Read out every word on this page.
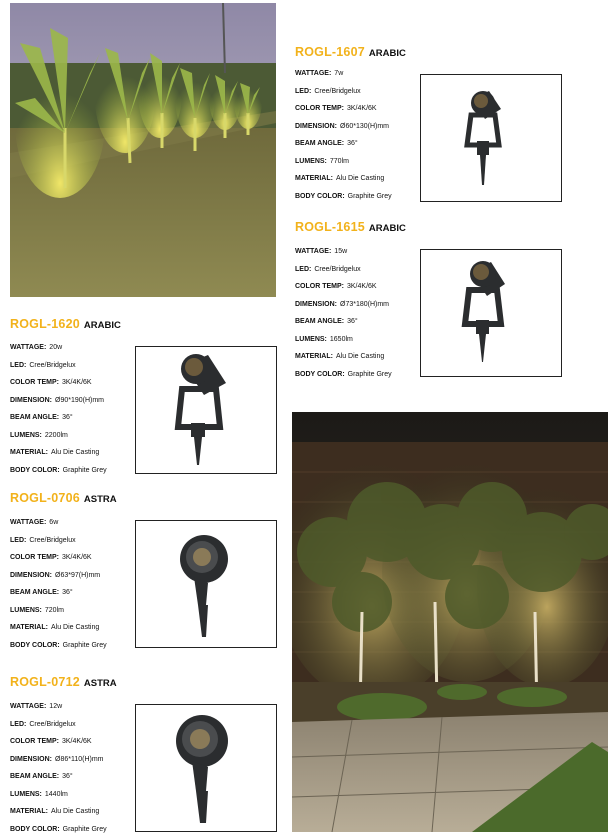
ROGL-1607 ARABIC
WATTAGE: 7w
LED: Cree/Bridgelux
COLOR TEMP: 3K/4K/6K
DIMENSION: Ø60*130(H)mm
BEAM ANGLE: 36°
LUMENS: 770lm
MATERIAL: Alu Die Casting
BODY COLOR: Graphite Grey
ROGL-1615 ARABIC
WATTAGE: 15w
LED: Cree/Bridgelux
COLOR TEMP: 3K/4K/6K
DIMENSION: Ø73*180(H)mm
BEAM ANGLE: 36°
LUMENS: 1650lm
MATERIAL: Alu Die Casting
BODY COLOR: Graphite Grey
ROGL-1620 ARABIC
WATTAGE: 20w
LED: Cree/Bridgelux
COLOR TEMP: 3K/4K/6K
DIMENSION: Ø90*190(H)mm
BEAM ANGLE: 36°
LUMENS: 2200lm
MATERIAL: Alu Die Casting
BODY COLOR: Graphite Grey
ROGL-0706 ASTRA
WATTAGE: 6w
LED: Cree/Bridgelux
COLOR TEMP: 3K/4K/6K
DIMENSION: Ø63*97(H)mm
BEAM ANGLE: 36°
LUMENS: 720lm
MATERIAL: Alu Die Casting
BODY COLOR: Graphite Grey
ROGL-0712 ASTRA
WATTAGE: 12w
LED: Cree/Bridgelux
COLOR TEMP: 3K/4K/6K
DIMENSION: Ø86*110(H)mm
BEAM ANGLE: 36°
LUMENS: 1440lm
MATERIAL: Alu Die Casting
BODY COLOR: Graphite Grey
